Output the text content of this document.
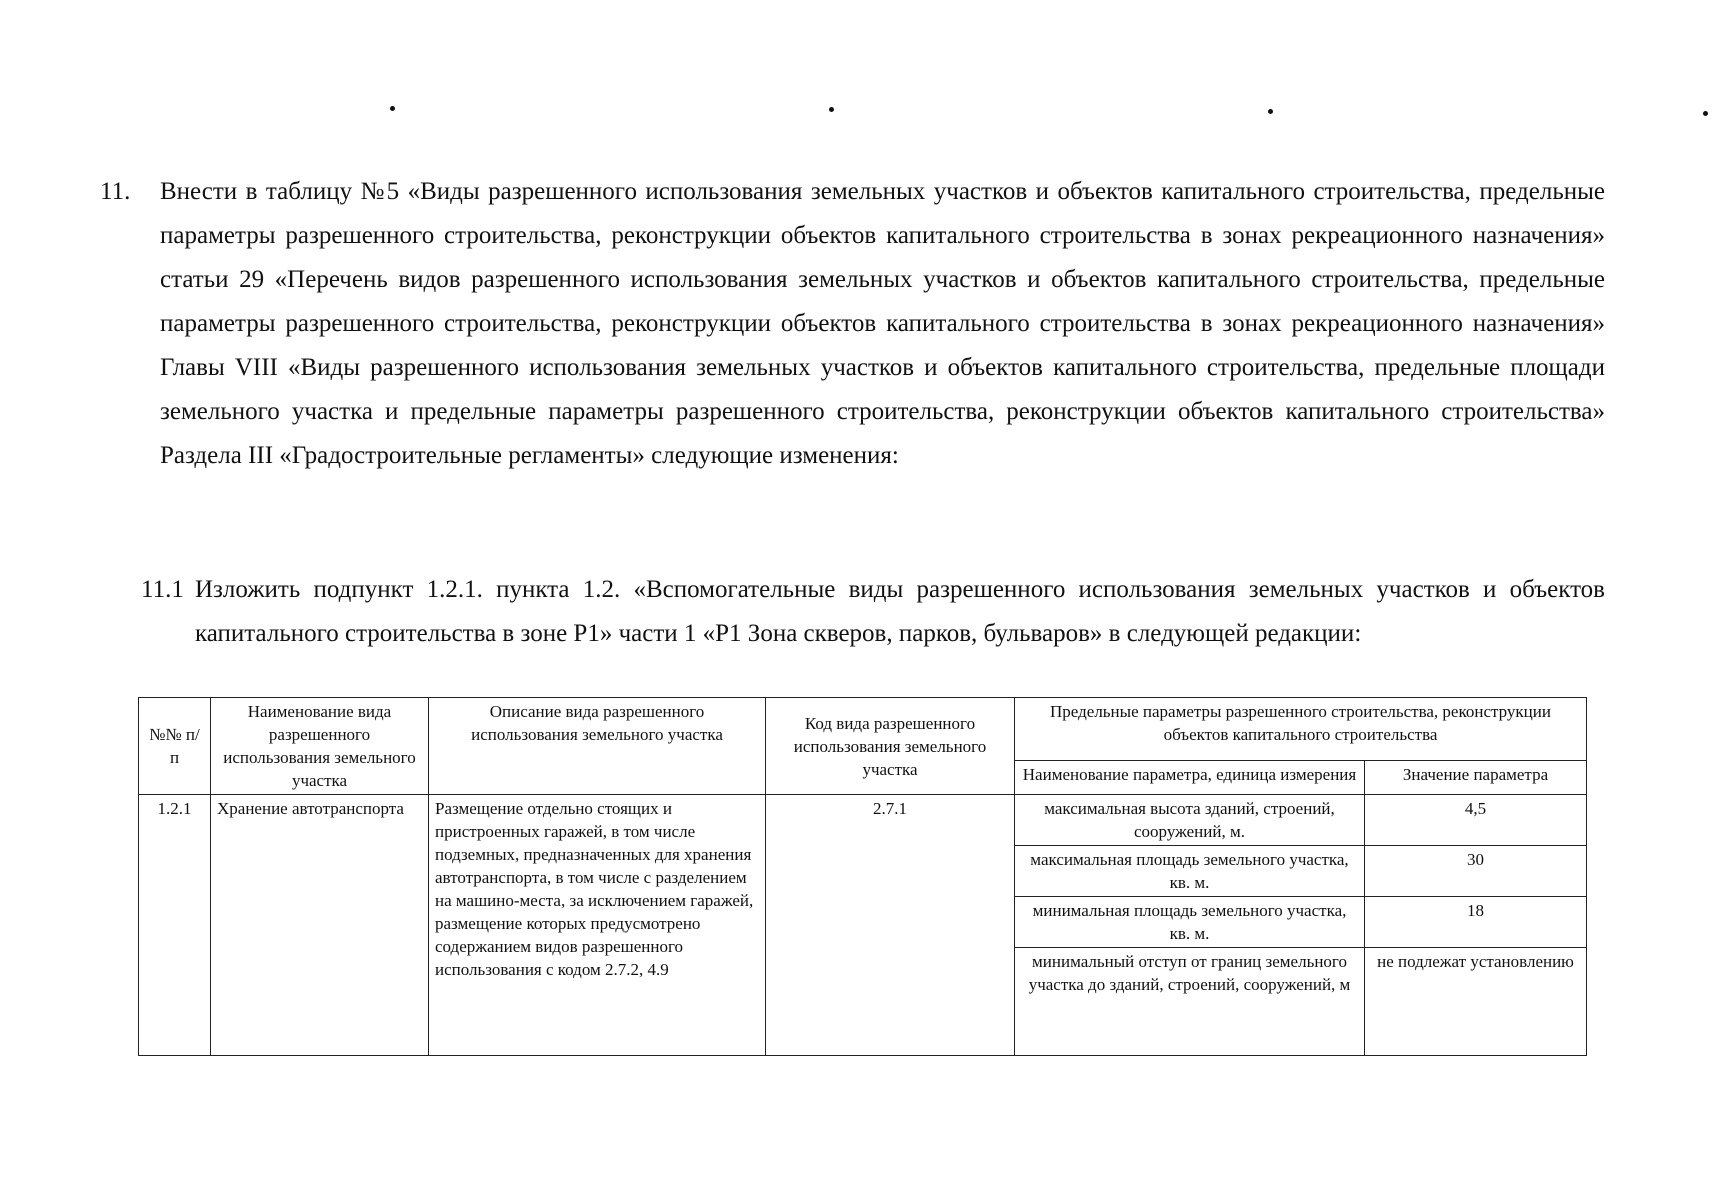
11. Внести в таблицу №5 «Виды разрешенного использования земельных участков и объектов капитального строительства, предельные параметры разрешенного строительства, реконструкции объектов капитального строительства в зонах рекреационного назначения» статьи 29 «Перечень видов разрешенного использования земельных участков и объектов капитального строительства, предельные параметры разрешенного строительства, реконструкции объектов капитального строительства в зонах рекреационного назначения» Главы VIII «Виды разрешенного использования земельных участков и объектов капитального строительства, предельные площади земельного участка и предельные параметры разрешенного строительства, реконструкции объектов капитального строительства» Раздела III «Градостроительные регламенты» следующие изменения:
11.1 Изложить подпункт 1.2.1. пункта 1.2. «Вспомогательные виды разрешенного использования земельных участков и объектов капитального строительства в зоне Р1» части 1 «Р1 Зона скверов, парков, бульваров» в следующей редакции:
№№ п/п	Наименование вида разрешенного использования земельного участка	Описание вида разрешенного использования земельного участка	Код вида разрешенного использования земельного участка	Предельные параметры разрешенного строительства, реконструкции объектов капитального строительства	

				Наименование параметра, единица измерения	Значение параметра

1.2.1	Хранение автотранспорта	Размещение отдельно стоящих и пристроенных гаражей, в том числе подземных, предназначенных для хранения автотранспорта, в том числе с разделением на машино-места, за исключением гаражей, размещение которых предусмотрено содержанием видов разрешенного использования с кодом 2.7.2, 4.9	2.7.1	максимальная высота зданий, строений, сооружений, м.	4,5
				максимальная площадь земельного участка, кв. м.	30
				минимальная площадь земельного участка, кв. м.	18
				минимальный отступ от границ земельного участка до зданий, строений, сооружений, м	не подлежат установлению
